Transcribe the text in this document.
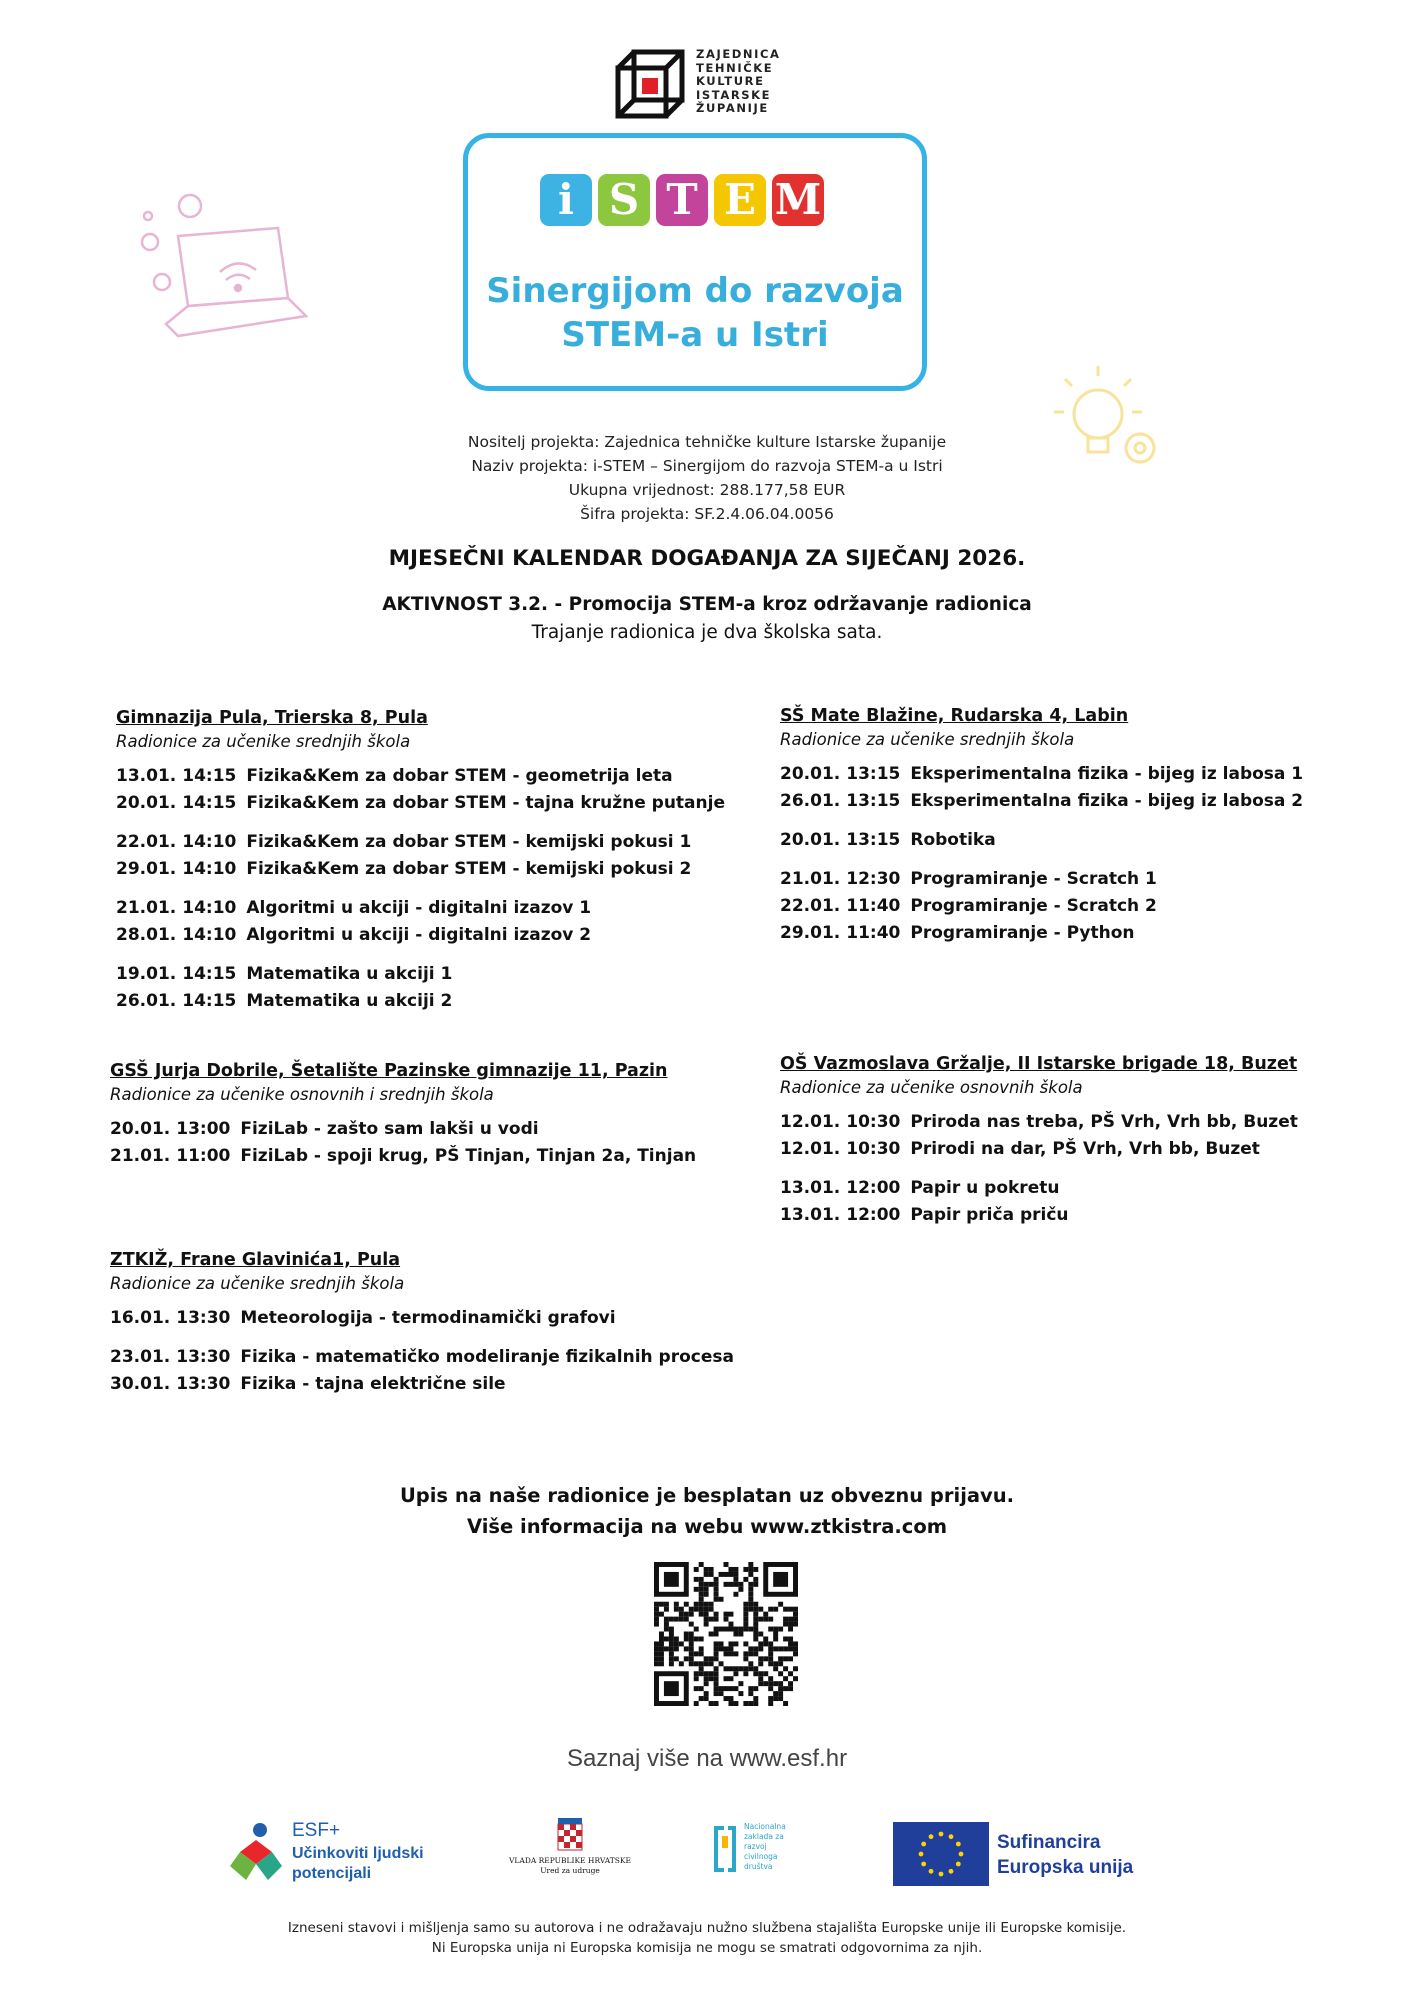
ZAJEDNICA
TEHNIČKE
KULTURE
ISTARSKE
ŽUPANIJE
i S T E M
Sinergijom do razvoja
STEM-a u Istri
Nositelj projekta: Zajednica tehničke kulture Istarske županije
Naziv projekta: i-STEM – Sinergijom do razvoja STEM-a u Istri
Ukupna vrijednost: 288.177,58 EUR
Šifra projekta: SF.2.4.06.04.0056
MJESEČNI KALENDAR DOGAĐANJA ZA SIJEČANJ 2026.
AKTIVNOST 3.2. - Promocija STEM-a kroz održavanje radionica
Trajanje radionica je dva školska sata.
Gimnazija Pula, Trierska 8, Pula
Radionice za učenike srednjih škola
13.01. 14:15 Fizika&Kem za dobar STEM - geometrija leta
20.01. 14:15 Fizika&Kem za dobar STEM - tajna kružne putanje
22.01. 14:10 Fizika&Kem za dobar STEM - kemijski pokusi 1
29.01. 14:10 Fizika&Kem za dobar STEM - kemijski pokusi 2
21.01. 14:10 Algoritmi u akciji - digitalni izazov 1
28.01. 14:10 Algoritmi u akciji - digitalni izazov 2
19.01. 14:15 Matematika u akciji 1
26.01. 14:15 Matematika u akciji 2
SŠ Mate Blažine, Rudarska 4, Labin
Radionice za učenike srednjih škola
20.01. 13:15 Eksperimentalna fizika - bijeg iz labosa 1
26.01. 13:15 Eksperimentalna fizika - bijeg iz labosa 2
20.01. 13:15 Robotika
21.01. 12:30 Programiranje - Scratch 1
22.01. 11:40 Programiranje - Scratch 2
29.01. 11:40 Programiranje - Python
GSŠ Jurja Dobrile, Šetalište Pazinske gimnazije 11, Pazin
Radionice za učenike osnovnih i srednjih škola
20.01. 13:00 FiziLab - zašto sam lakši u vodi
21.01. 11:00 FiziLab - spoji krug, PŠ Tinjan, Tinjan 2a, Tinjan
OŠ Vazmoslava Gržalje, II Istarske brigade 18, Buzet
Radionice za učenike osnovnih škola
12.01. 10:30 Priroda nas treba, PŠ Vrh, Vrh bb, Buzet
12.01. 10:30 Prirodi na dar, PŠ Vrh, Vrh bb, Buzet
13.01. 12:00 Papir u pokretu
13.01. 12:00 Papir priča priču
ZTKIŽ, Frane Glavinića1, Pula
Radionice za učenike srednjih škola
16.01. 13:30 Meteorologija - termodinamički grafovi
23.01. 13:30 Fizika - matematičko modeliranje fizikalnih procesa
30.01. 13:30 Fizika - tajna električne sile
Upis na naše radionice je besplatan uz obveznu prijavu.
Više informacija na webu www.ztkistra.com
Saznaj više na www.esf.hr
ESF+
Učinkoviti ljudski
potencijali
VLADA REPUBLIKE HRVATSKE
Ured za udruge
Nacionalna
zaklada za
razvoj
civilnoga
društva
Sufinancira
Europska unija
Izneseni stavovi i mišljenja samo su autorova i ne odražavaju nužno službena stajališta Europske unije ili Europske komisije.
Ni Europska unija ni Europska komisija ne mogu se smatrati odgovornima za njih.
